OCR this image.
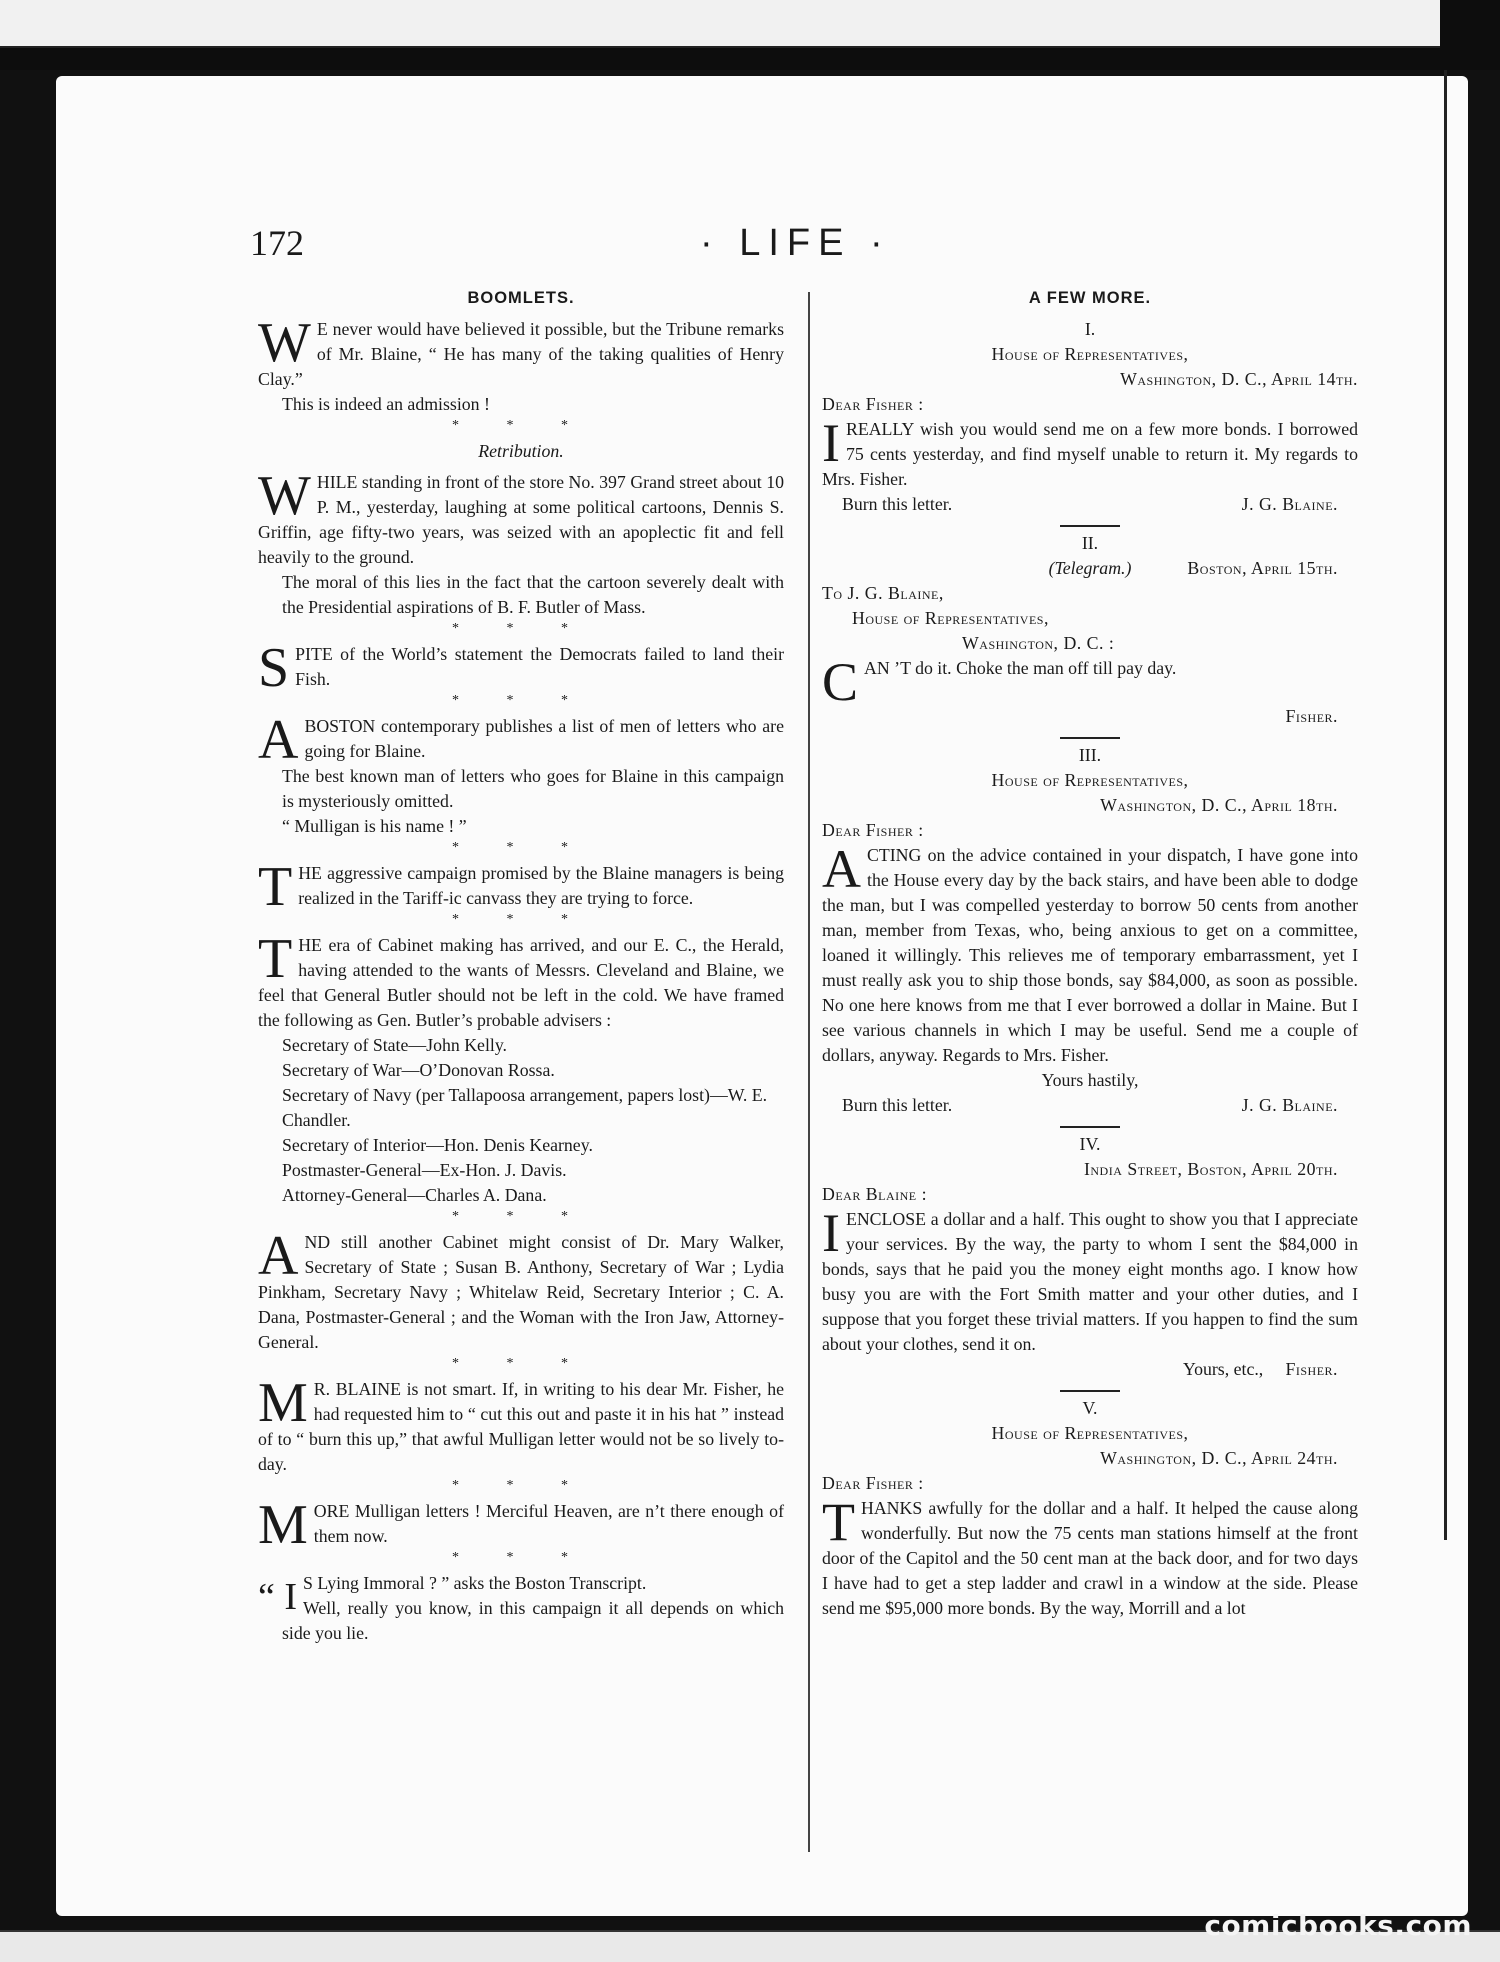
172	· LIFE ·
BOOMLETS.

W E never would have believed it possible, but the Tribune remarks of Mr. Blaine, “ He has many of the taking qualities of Henry Clay.”

This is indeed an admission !

* * *

Retribution.

WHILE standing in front of the store No. 397 Grand street about 10 P. M., yesterday, laughing at some political cartoons, Dennis S. Griffin, age fifty-two years, was seized with an apoplectic fit and fell heavily to the ground.

The moral of this lies in the fact that the cartoon severely dealt with the Presidential aspirations of B. F. Butler of Mass.

* * *

SPITE of the World’s statement the Democrats failed to land their Fish.

* * *

A BOSTON contemporary publishes a list of men of letters who are going for Blaine.

The best known man of letters who goes for Blaine in this campaign is mysteriously omitted.

“ Mulligan is his name ! ”

* * *

THE aggressive campaign promised by the Blaine managers is being realized in the Tariff-ic canvass they are trying to force.

* * *

THE era of Cabinet making has arrived, and our E. C., the Herald, having attended to the wants of Messrs. Cleveland and Blaine, we feel that General Butler should not be left in the cold. We have framed the following as Gen. Butler’s probable advisers :

Secretary of State—John Kelly.

Secretary of War—O’Donovan Rossa.

Secretary of Navy (per Tallapoosa arrangement, papers lost)—W. E. Chandler.

Secretary of Interior—Hon. Denis Kearney.

Postmaster-General—Ex-Hon. J. Davis.

Attorney-General—Charles A. Dana.

* * *

AND still another Cabinet might consist of Dr. Mary Walker, Secretary of State ; Susan B. Anthony, Secretary of War ; Lydia Pinkham, Secretary Navy ; Whitelaw Reid, Secretary Interior ; C. A. Dana, Postmaster-General ; and the Woman with the Iron Jaw, Attorney-General.

* * *

M R. BLAINE is not smart. If, in writing to his dear Mr. Fisher, he had requested him to “ cut this out and paste it in his hat ” instead of to “ burn this up,” that awful Mulligan letter would not be so lively to-day.

* * *

MORE Mulligan letters ! Merciful Heaven, are n’t there enough of them now.

* * *

“ I S Lying Immoral ? ” asks the Boston Transcript.

Well, really you know, in this campaign it all depends on which side you lie.

A FEW MORE.

I.

House of Representatives,

Washington, D. C., April 14th.

Dear Fisher :

I REALLY wish you would send me on a few more bonds. I borrowed 75 cents yesterday, and find myself unable to return it. My regards to Mrs. Fisher.

Burn this letter.	J. G. Blaine.

II.

(Telegram.)	Boston, April 15th.

To J. G. Blaine,

House of Representatives,

Washington, D. C. :

CAN ’T do it. Choke the man off till pay day.

Fisher.

III.

House of Representatives,

Washington, D. C., April 18th.

Dear Fisher :

ACTING on the advice contained in your dispatch, I have gone into the House every day by the back stairs, and have been able to dodge the man, but I was compelled yesterday to borrow 50 cents from another man, member from Texas, who, being anxious to get on a committee, loaned it willingly. This relieves me of temporary embarrassment, yet I must really ask you to ship those bonds, say $84,000, as soon as possible. No one here knows from me that I ever borrowed a dollar in Maine. But I see various channels in which I may be useful. Send me a couple of dollars, anyway. Regards to Mrs. Fisher.

Yours hastily,

Burn this letter.	J. G. Blaine.

IV.

India Street, Boston, April 20th.

Dear Blaine :

I ENCLOSE a dollar and a half. This ought to show you that I appreciate your services. By the way, the party to whom I sent the $84,000 in bonds, says that he paid you the money eight months ago. I know how busy you are with the Fort Smith matter and your other duties, and I suppose that you forget these trivial matters. If you happen to find the sum about your clothes, send it on.

Yours, etc., Fisher.

V.

House of Representatives,

Washington, D. C., April 24th.

Dear Fisher :

THANKS awfully for the dollar and a half. It helped the cause along wonderfully. But now the 75 cents man stations himself at the front door of the Capitol and the 50 cent man at the back door, and for two days I have had to get a step ladder and crawl in a window at the side. Please send me $95,000 more bonds. By the way, Morrill and a lot

comicbooks.com
